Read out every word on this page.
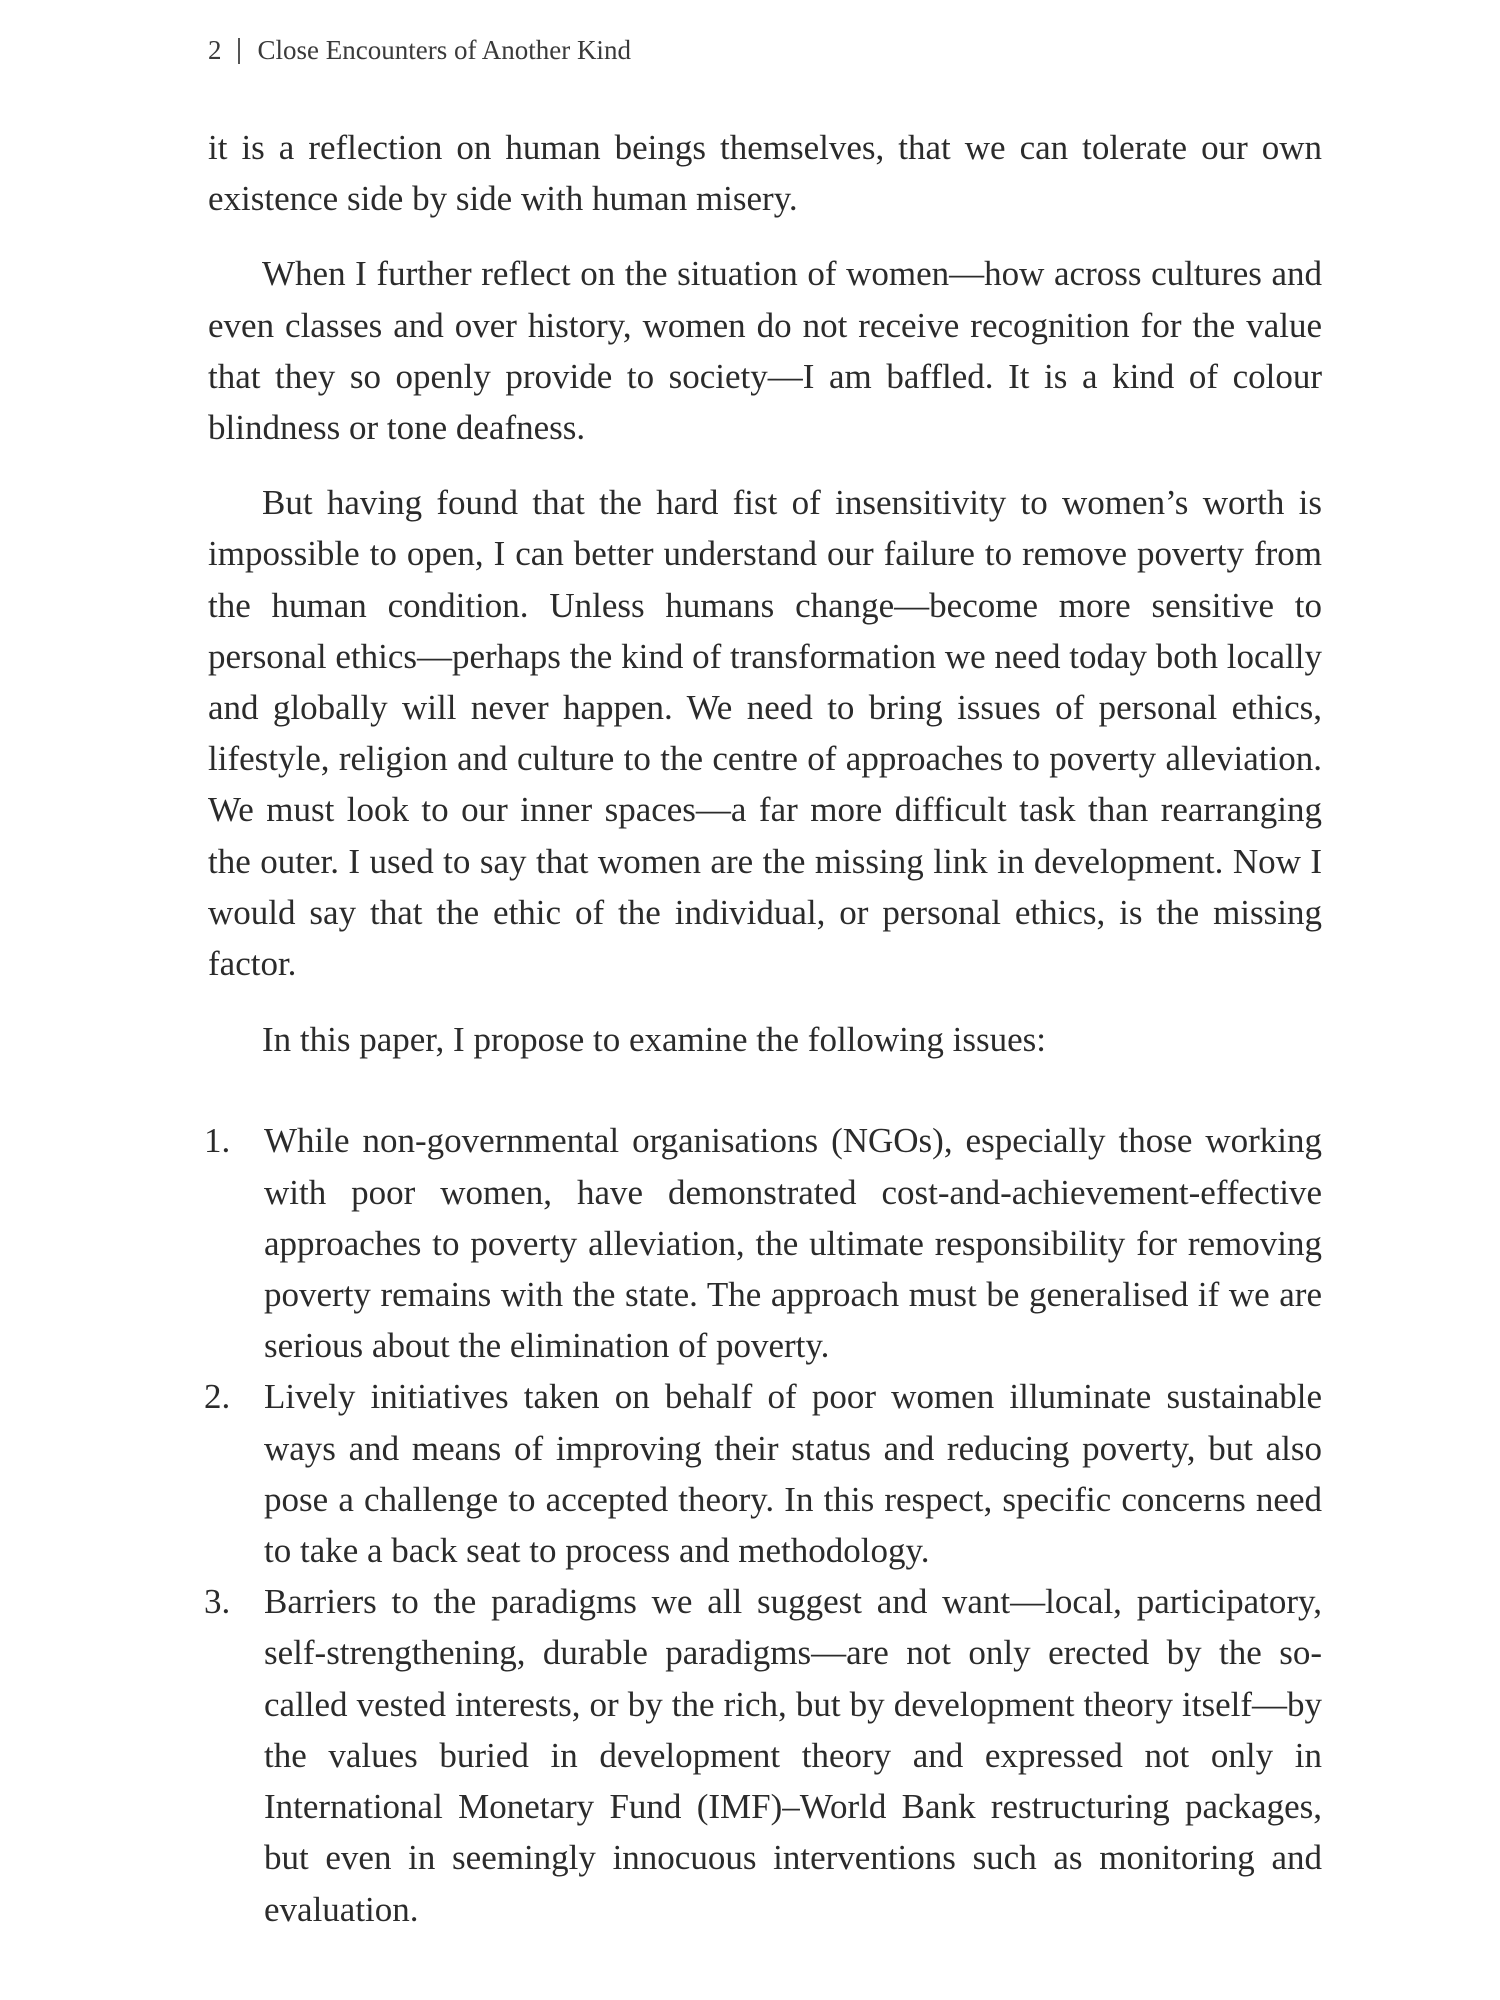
2 Close Encounters of Another Kind

it is a reflection on human beings themselves, that we can tolerate our own existence side by side with human misery.

When I further reflect on the situation of women—how across cultures and even classes and over history, women do not receive recognition for the value that they so openly provide to society—I am baffled. It is a kind of colour blindness or tone deafness.

But having found that the hard fist of insensitivity to women’s worth is impossible to open, I can better understand our failure to remove poverty from the human condition. Unless humans change—become more sensitive to personal ethics—perhaps the kind of transformation we need today both locally and globally will never happen. We need to bring issues of personal ethics, lifestyle, religion and culture to the centre of approaches to poverty alleviation. We must look to our inner spaces—a far more difficult task than rearranging the outer. I used to say that women are the missing link in development. Now I would say that the ethic of the individual, or personal ethics, is the missing factor.

In this paper, I propose to examine the following issues:

1. While non-governmental organisations (NGOs), especially those working with poor women, have demonstrated cost-and-achievement-effective approaches to poverty alleviation, the ultimate responsibility for removing poverty remains with the state. The approach must be generalised if we are serious about the elimination of poverty.
2. Lively initiatives taken on behalf of poor women illuminate sustainable ways and means of improving their status and reducing poverty, but also pose a challenge to accepted theory. In this respect, specific concerns need to take a back seat to process and methodology.
3. Barriers to the paradigms we all suggest and want—local, participatory, self-strengthening, durable paradigms—are not only erected by the so-called vested interests, or by the rich, but by development theory itself—by the values buried in development theory and expressed not only in International Monetary Fund (IMF)–World Bank restructuring packages, but even in seemingly innocuous interventions such as monitoring and evaluation.
